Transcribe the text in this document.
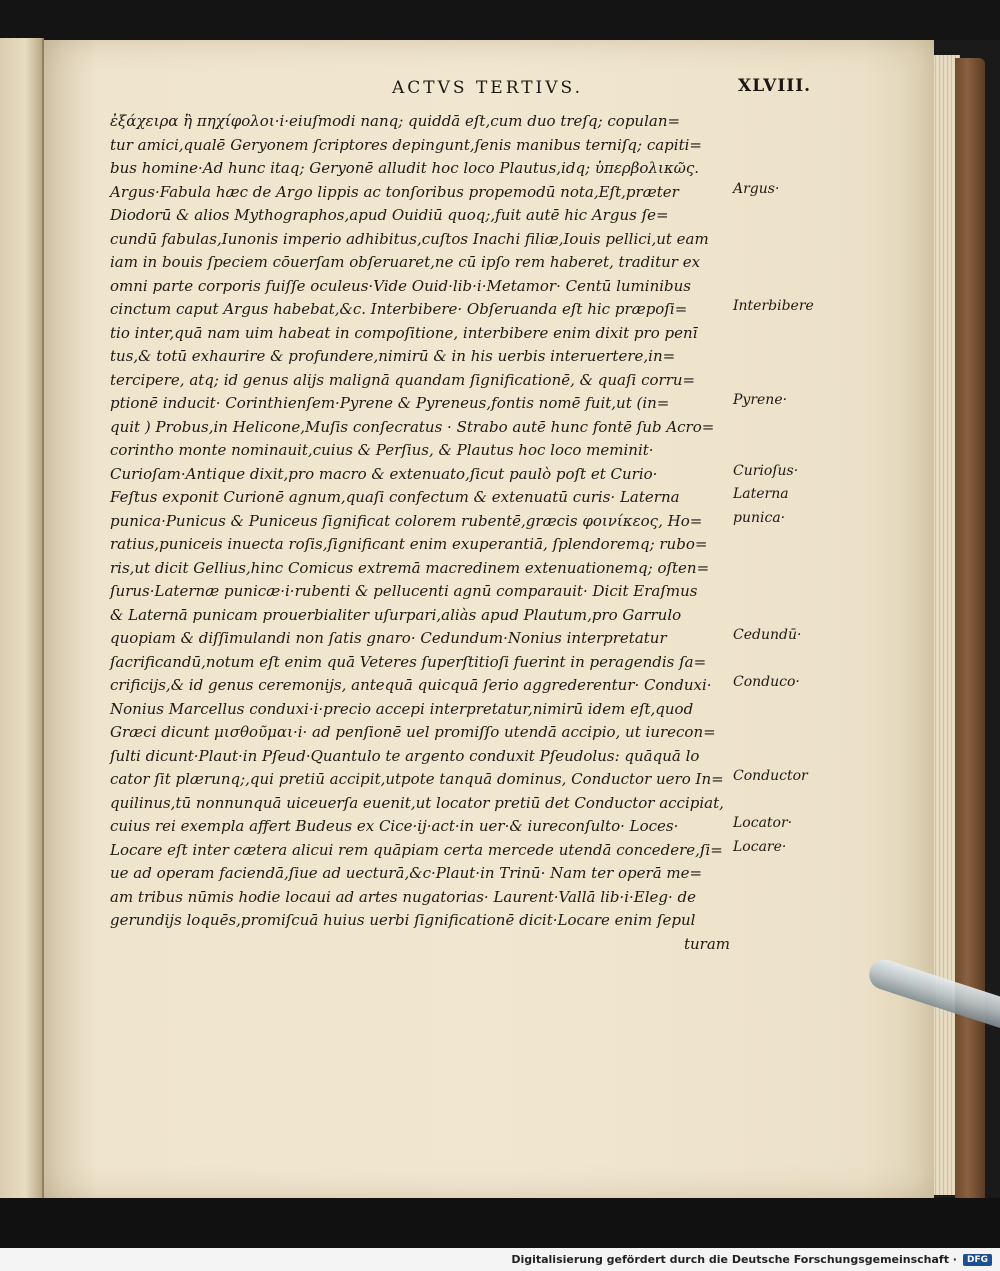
ACTVS TERTIVS.	XLVIII.
ἐξάχειρα ἢ πηχίφολοι·i·eiuſmodi nanq; quiddā eſt,cum duo treſq; copulan=
tur amici,qualē Geryonem ſcriptores depingunt,ſenis manibus terniſq; capiti=
bus homine·Ad hunc itaq; Geryonē alludit hoc loco Plautus,idq; ὑπερβολικῶς.
Argus·Fabula hæc de Argo lippis ac tonſoribus propemodū nota,Eſt,præter
Diodorū & alios Mythographos,apud Ouidiū quoq;,fuit autē hic Argus ſe=
cundū fabulas,Iunonis imperio adhibitus,cuſtos Inachi filiæ,Iouis pellici,ut eam
iam in bouis ſpeciem cōuerſam obſeruaret,ne cū ipſo rem haberet, traditur ex
omni parte corporis fuiſſe oculeus·Vide Ouid·lib·i·Metamor· Centū luminibus
cinctum caput Argus habebat,&c. Interbibere· Obſeruanda eſt hic præpoſi=
tio inter,quā nam uim habeat in compoſitione, interbibere enim dixit pro penī
tus,& totū exhaurire & profundere,nimirū & in his uerbis interuertere,in=
tercipere, atq; id genus alijs malignā quandam ſignificationē, & quaſi corru=
ptionē inducit· Corinthienſem·Pyrene & Pyreneus,fontis nomē fuit,ut (in=
quit ) Probus,in Helicone,Muſis conſecratus · Strabo autē hunc fontē ſub Acro=
corintho monte nominauit,cuius & Perſius, & Plautus hoc loco meminit·
Curioſam·Antique dixit,pro macro & extenuato,ſicut paulò poſt et Curio·
Feſtus exponit Curionē agnum,quaſi confectum & extenuatū curis· Laterna
punica·Punicus & Puniceus ſignificat colorem rubentē,græcis φοινίκεος, Ho=
ratius,puniceis inuecta roſis,ſignificant enim exuperantiā, ſplendoremq; rubo=
ris,ut dicit Gellius,hinc Comicus extremā macredinem extenuationemq; oſten=
ſurus·Laternæ punicæ·i·rubenti & pellucenti agnū comparauit· Dicit Eraſmus
& Laternā punicam prouerbialiter uſurpari,aliàs apud Plautum,pro Garrulo
quopiam & diſſimulandi non ſatis gnaro· Cedundum·Nonius interpretatur
ſacrificandū,notum eſt enim quā Veteres ſuperſtitioſi fuerint in peragendis ſa=
crificijs,& id genus ceremonijs, antequā quicquā ſerio aggrederentur· Conduxi·
Nonius Marcellus conduxi·i·precio accepi interpretatur,nimirū idem eſt,quod
Græci dicunt μισθοῦμαι·i· ad penſionē uel promiſſo utendā accipio, ut iurecon=
ſulti dicunt·Plaut·in Pſeud·Quantulo te argento conduxit Pſeudolus: quāquā lo
cator ſit plærunq;,qui pretiū accipit,utpote tanquā dominus, Conductor uero In=
quilinus,tū nonnunquā uiceuerſa euenit,ut locator pretiū det Conductor accipiat,
cuius rei exempla affert Budeus ex Cice·ij·act·in uer·& iureconſulto· Loces·
Locare eſt inter cætera alicui rem quāpiam certa mercede utendā concedere,ſi=
ue ad operam faciendā,ſiue ad uecturā,&c·Plaut·in Trinū· Nam ter operā me=
am tribus nūmis hodie locaui ad artes nugatorias· Laurent·Vallā lib·i·Eleg· de
gerundijs loquēs,promiſcuā huius uerbi ſignificationē dicit·Locare enim ſepul
turam
Argus·
Interbibere
Pyrene·
Curioſus·
Laterna
punica·
Cedundū·
Conduco·
Conductor
Locator·
Locare·
Digitalisierung gefördert durch die Deutsche Forschungsgemeinschaft ·	DFG
